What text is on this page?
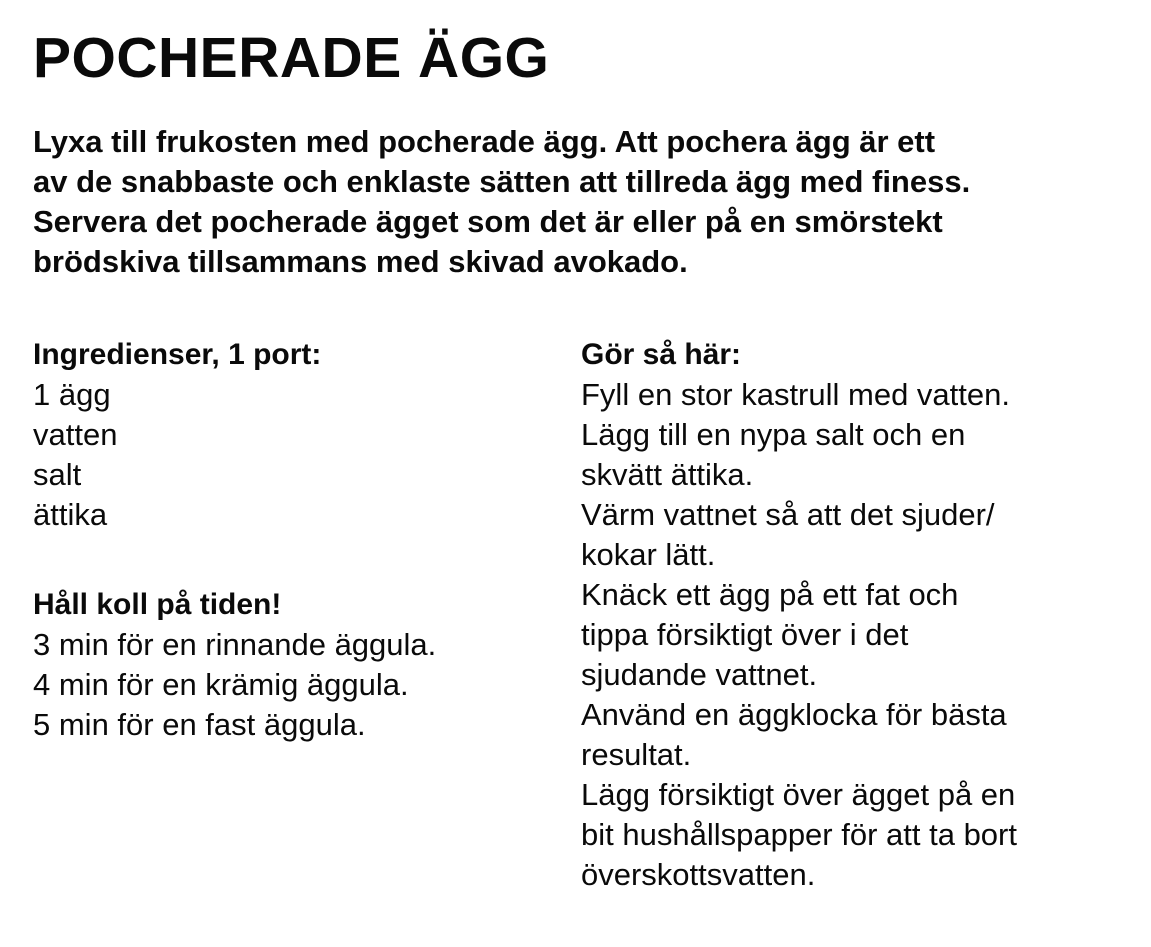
POCHERADE ÄGG
Lyxa till frukosten med pocherade ägg. Att pochera ägg är ett
av de snabbaste och enklaste sätten att tillreda ägg med finess.
Servera det pocherade ägget som det är eller på en smörstekt
brödskiva tillsammans med skivad avokado.
Ingredienser, 1 port:
1 ägg
vatten
salt
ättika
Håll koll på tiden!
3 min för en rinnande äggula.
4 min för en krämig äggula.
5 min för en fast äggula.
Gör så här:
Fyll en stor kastrull med vatten.
Lägg till en nypa salt och en
skvätt ättika.
Värm vattnet så att det sjuder/
kokar lätt.
Knäck ett ägg på ett fat och
tippa försiktigt över i det
sjudande vattnet.
Använd en äggklocka för bästa
resultat.
Lägg försiktigt över ägget på en
bit hushållspapper för att ta bort
överskottsvatten.
